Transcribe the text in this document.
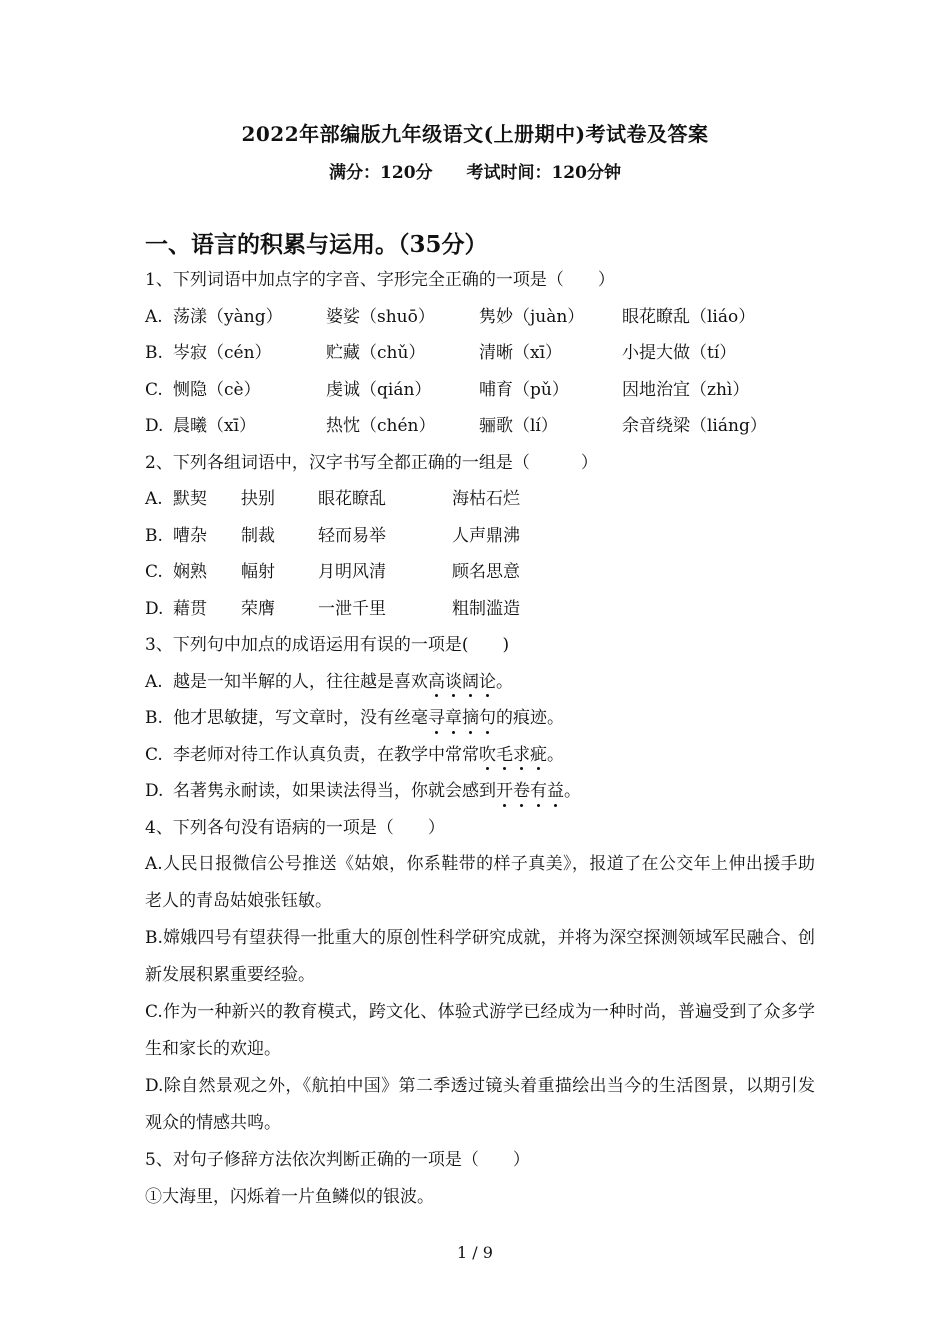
2022年部编版九年级语文(上册期中)考试卷及答案
满分：120分 考试时间：120分钟
一、语言的积累与运用。（35分）
1、下列词语中加点字的字音、字形完全正确的一项是（　　）
A. 荡漾（yàng）	婆娑（shuō）	隽妙（juàn）	眼花瞭乱（liáo）
B. 岑寂（cén）	贮藏（chǔ）	清晰（xī）	小提大做（tí）
C. 恻隐（cè）	虔诚（qián）	哺育（pǔ）	因地治宜（zhì）
D. 晨曦（xī）	热忱（chén）	骊歌（lí）	余音绕梁（liáng）
2、下列各组词语中，汉字书写全都正确的一组是（　　　）
A. 默契	抉别	眼花瞭乱	海枯石烂
B. 嘈杂	制裁	轻而易举	人声鼎沸
C. 娴熟	幅射	月明风清	顾名思意
D. 藉贯	荣膺	一泄千里	粗制滥造
3、下列句中加点的成语运用有误的一项是(　　)
A. 越是一知半解的人，往往越是喜欢高谈阔论。
B. 他才思敏捷，写文章时，没有丝毫寻章摘句的痕迹。
C. 李老师对待工作认真负责，在教学中常常吹毛求疵。
D. 名著隽永耐读，如果读法得当，你就会感到开卷有益。
4、下列各句没有语病的一项是（　　）
A.人民日报微信公号推送《姑娘，你系鞋带的样子真美》，报道了在公交年上伸出援手助老人的青岛姑娘张钰敏。
B.嫦娥四号有望获得一批重大的原创性科学研究成就，并将为深空探测领域军民融合、创新发展积累重要经验。
C.作为一种新兴的教育模式，跨文化、体验式游学已经成为一种时尚，普遍受到了众多学生和家长的欢迎。
D.除自然景观之外，《航拍中国》第二季透过镜头着重描绘出当今的生活图景，以期引发观众的情感共鸣。
5、对句子修辞方法依次判断正确的一项是（　　）
①大海里，闪烁着一片鱼鳞似的银波。
1 / 9
